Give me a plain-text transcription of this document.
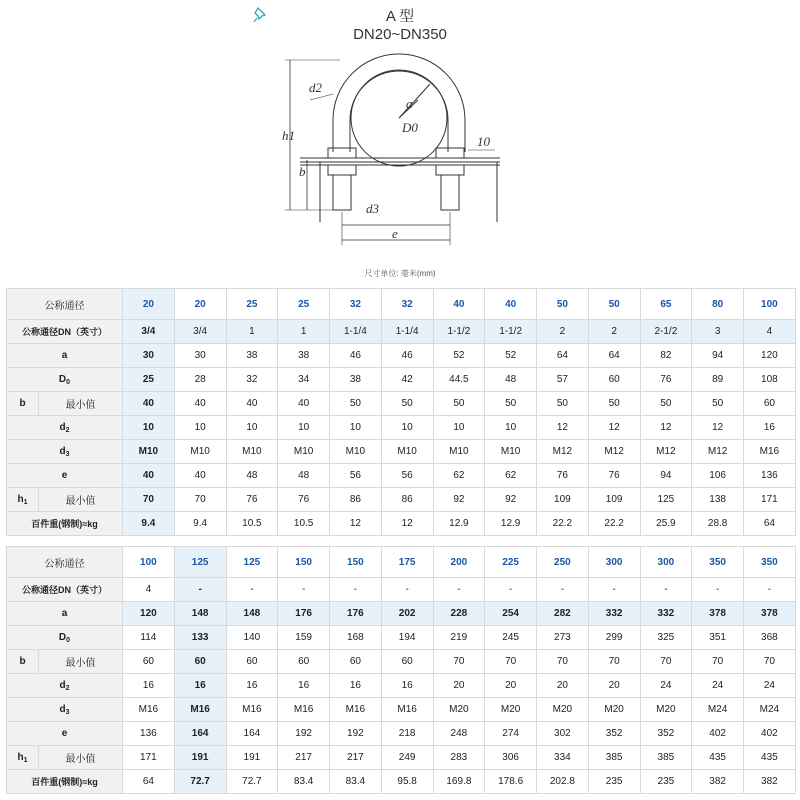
A 型
DN20~DN350
d2
a
D0
h1
b
d3
e
10
尺寸单位: 毫米(mm)
公称通径		20	20	25	25	32	32	40	40	50	50	65	80	100
公称通径DN（英寸）		3/4	3/4	1	1	1-1/4	1-1/4	1-1/2	1-1/2	2	2	2-1/2	3	4
a		30	30	38	38	46	46	52	52	64	64	82	94	120
$D_0$		25	28	32	34	38	42	44.5	48	57	60	76	89	108
b	最小值	40	40	40	40	50	50	50	50	50	50	50	50	60
$d_2$		10	10	10	10	10	10	10	10	12	12	12	12	16
$d_3$		M10	M10	M10	M10	M10	M10	M10	M10	M12	M12	M12	M12	M16
e		40	40	48	48	56	56	62	62	76	76	94	106	136
$h_1$	最小值	70	70	76	76	86	86	92	92	109	109	125	138	171
百件重(钢制)≈kg		9.4	9.4	10.5	10.5	12	12	12.9	12.9	22.2	22.2	25.9	28.8	64
公称通径		100	125	125	150	150	175	200	225	250	300	300	350	350
公称通径DN（英寸）		4	-	-	-	-	-	-	-	-	-	-	-	-
a		120	148	148	176	176	202	228	254	282	332	332	378	378
$D_0$		114	133	140	159	168	194	219	245	273	299	325	351	368
b	最小值	60	60	60	60	60	60	70	70	70	70	70	70	70
$d_2$		16	16	16	16	16	16	20	20	20	20	24	24	24
$d_3$		M16	M16	M16	M16	M16	M16	M20	M20	M20	M20	M20	M24	M24
e		136	164	164	192	192	218	248	274	302	352	352	402	402
$h_1$	最小值	171	191	191	217	217	249	283	306	334	385	385	435	435
百件重(钢制)≈kg		64	72.7	72.7	83.4	83.4	95.8	169.8	178.6	202.8	235	235	382	382
